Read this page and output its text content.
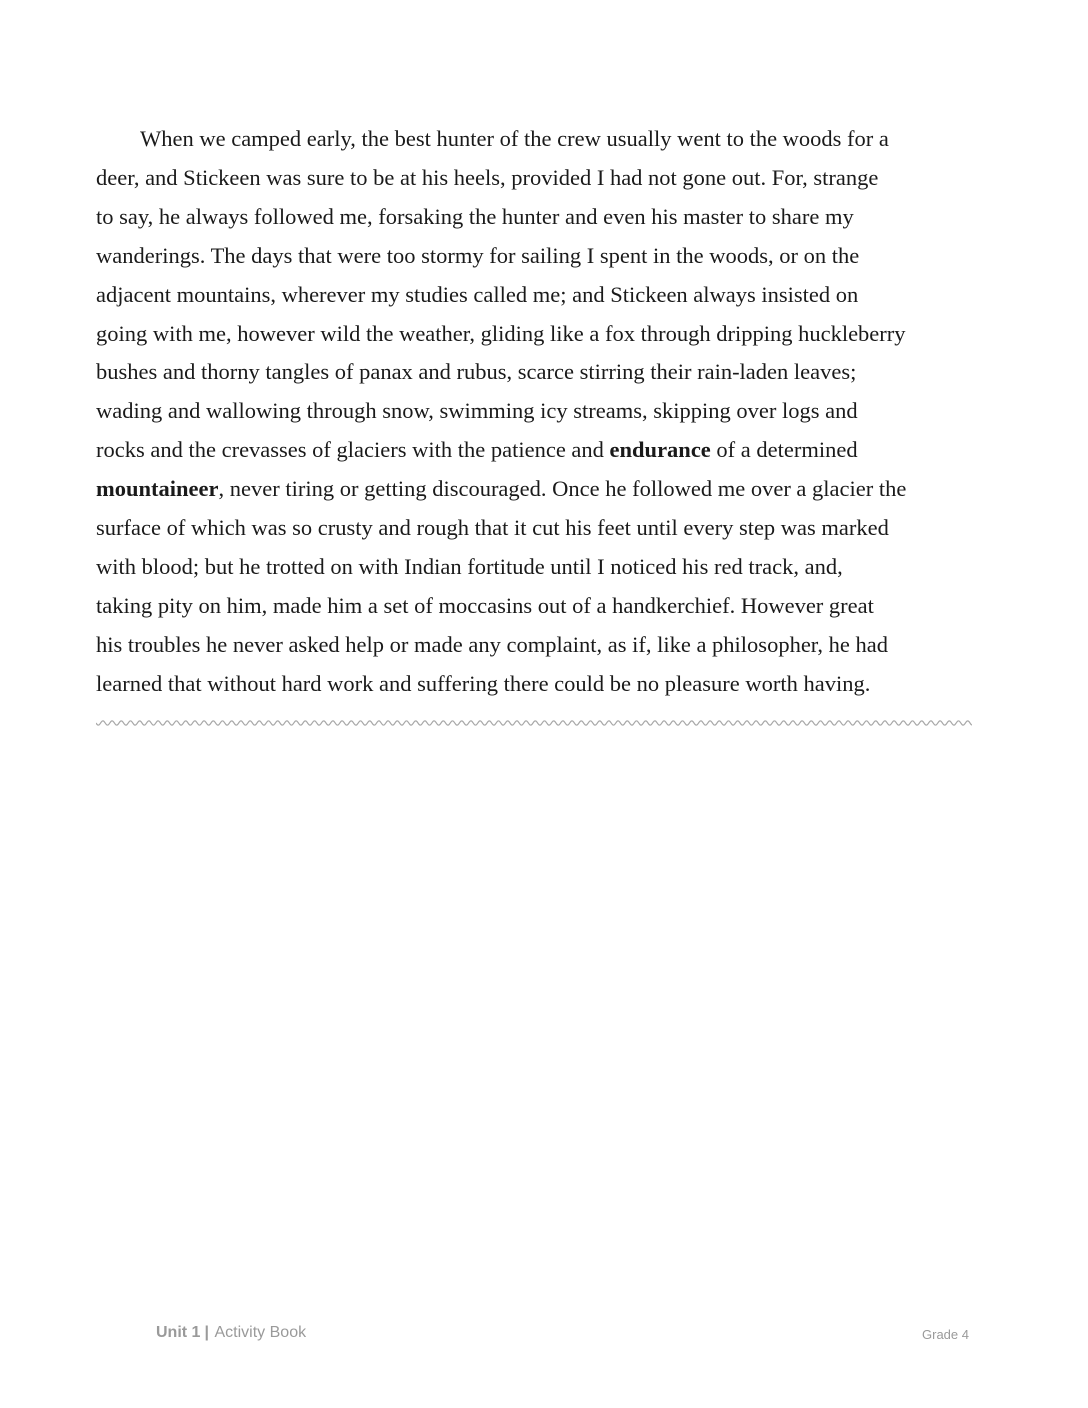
When we camped early, the best hunter of the crew usually went to the woods for a
deer, and Stickeen was sure to be at his heels, provided I had not gone out. For, strange
to say, he always followed me, forsaking the hunter and even his master to share my
wanderings. The days that were too stormy for sailing I spent in the woods, or on the
adjacent mountains, wherever my studies called me; and Stickeen always insisted on
going with me, however wild the weather, gliding like a fox through dripping huckleberry
bushes and thorny tangles of panax and rubus, scarce stirring their rain-laden leaves;
wading and wallowing through snow, swimming icy streams, skipping over logs and
rocks and the crevasses of glaciers with the patience and endurance of a determined
mountaineer, never tiring or getting discouraged. Once he followed me over a glacier the
surface of which was so crusty and rough that it cut his feet until every step was marked
with blood; but he trotted on with Indian fortitude until I noticed his red track, and,
taking pity on him, made him a set of moccasins out of a handkerchief. However great
his troubles he never asked help or made any complaint, as if, like a philosopher, he had
learned that without hard work and suffering there could be no pleasure worth having.

Unit 1 | Activity Book	Grade 4
